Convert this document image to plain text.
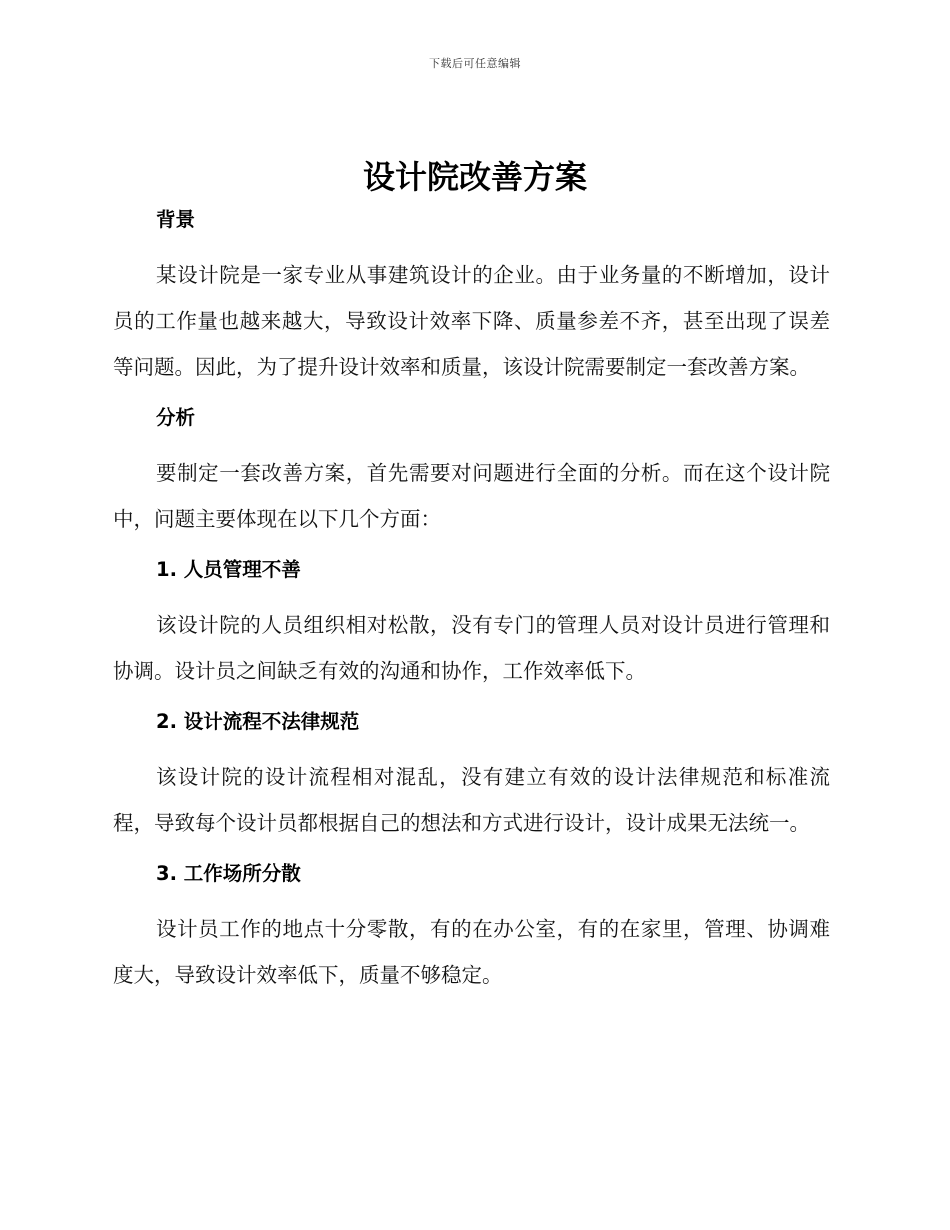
下载后可任意编辑
设计院改善方案
背景

某设计院是一家专业从事建筑设计的企业。由于业务量的不断增加，设计员的工作量也越来越大，导致设计效率下降、质量参差不齐，甚至出现了误差等问题。因此，为了提升设计效率和质量，该设计院需要制定一套改善方案。

分析

要制定一套改善方案，首先需要对问题进行全面的分析。而在这个设计院中，问题主要体现在以下几个方面：

1. 人员管理不善

该设计院的人员组织相对松散，没有专门的管理人员对设计员进行管理和协调。设计员之间缺乏有效的沟通和协作，工作效率低下。

2. 设计流程不法律规范

该设计院的设计流程相对混乱，没有建立有效的设计法律规范和标准流程，导致每个设计员都根据自己的想法和方式进行设计，设计成果无法统一。

3. 工作场所分散

设计员工作的地点十分零散，有的在办公室，有的在家里，管理、协调难度大，导致设计效率低下，质量不够稳定。
